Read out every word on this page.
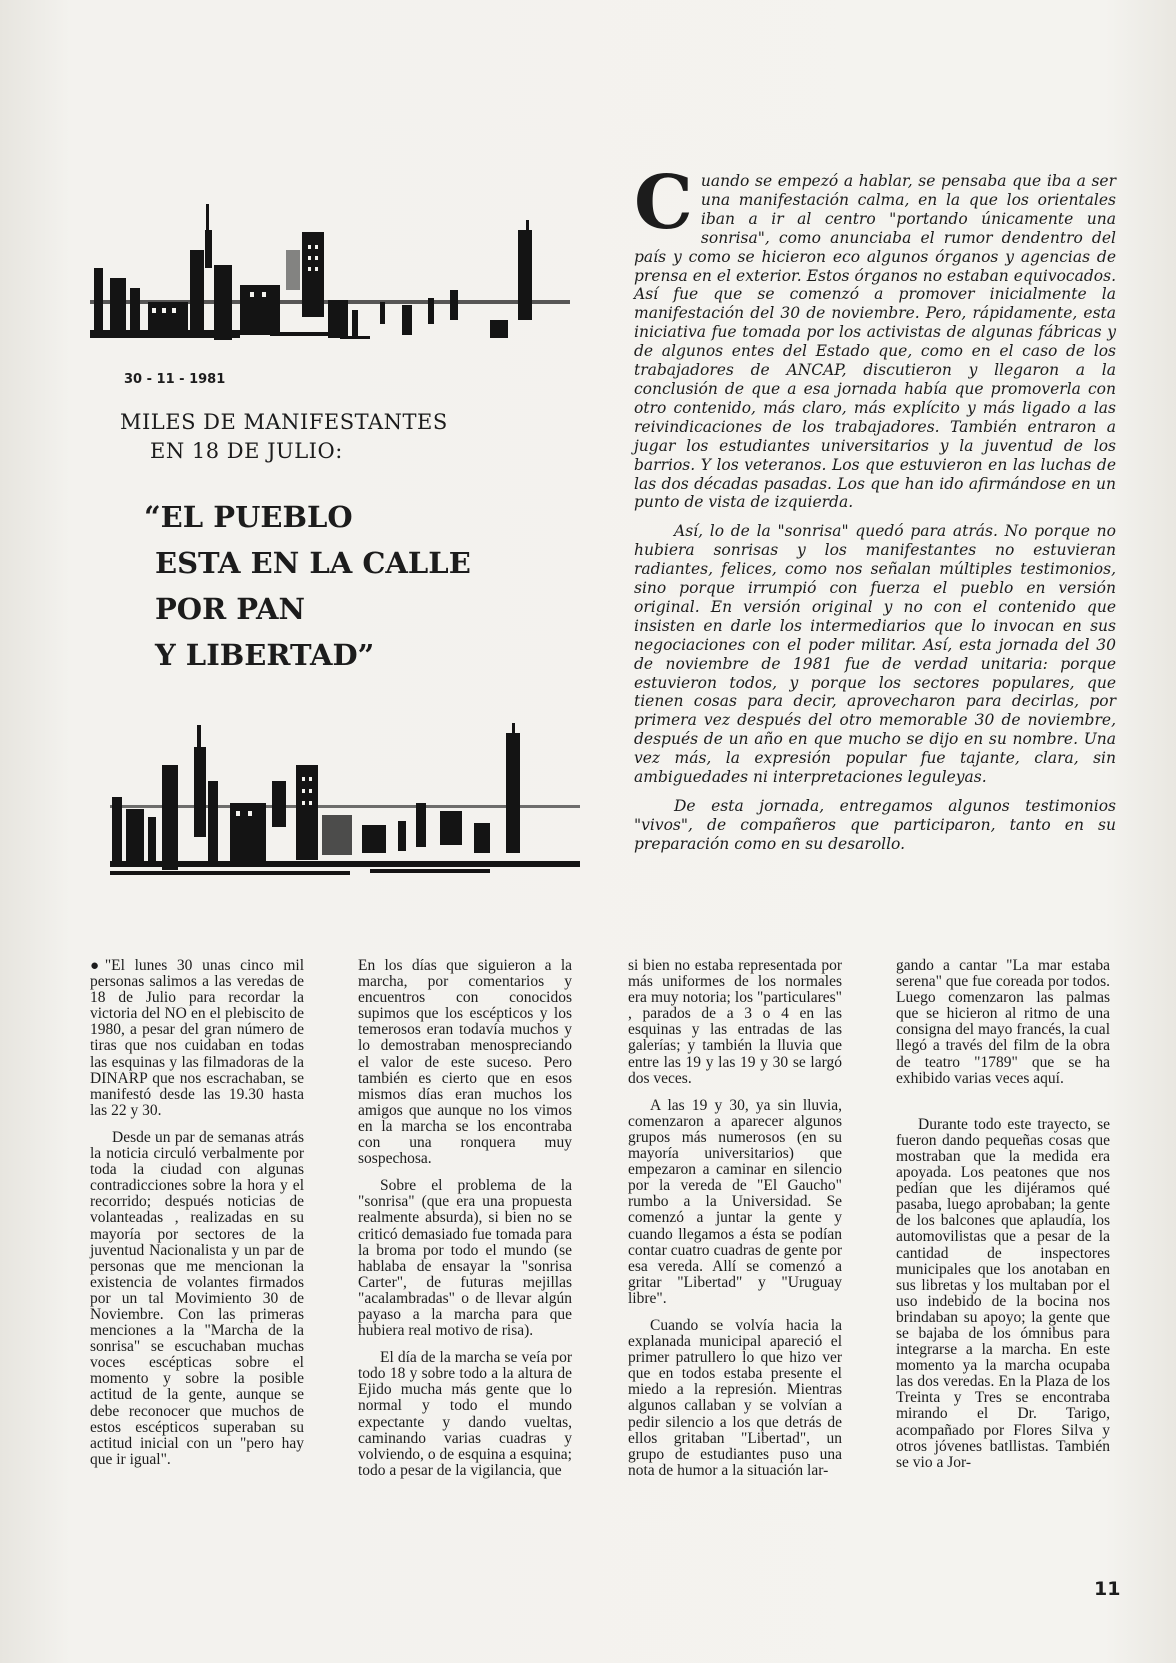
30 - 11 - 1981
MILES DE MANIFESTANTES
EN 18 DE JULIO:
“EL PUEBLO
ESTA EN LA CALLE
POR PAN
Y LIBERTAD”

Cuando se empezó a hablar, se pensaba que iba a ser una manifestación calma, en la que los orientales iban a ir al centro "portando únicamente una sonrisa", como anunciaba el rumor dendentro del país y como se hicieron eco algunos órganos y agencias de prensa en el exterior. Estos órganos no estaban equivocados. Así fue que se comenzó a promover inicialmente la manifestación del 30 de noviembre. Pero, rápidamente, esta iniciativa fue tomada por los activistas de algunas fábricas y de algunos entes del Estado que, como en el caso de los trabajadores de ANCAP, discutieron y llegaron a la conclusión de que a esa jornada había que promoverla con otro contenido, más claro, más explícito y más ligado a las reivindicaciones de los trabajadores. También entraron a jugar los estudiantes universitarios y la juventud de los barrios. Y los veteranos. Los que estuvieron en las luchas de las dos décadas pasadas. Los que han ido afirmándose en un punto de vista de izquierda.

Así, lo de la "sonrisa" quedó para atrás. No porque no hubiera sonrisas y los manifestantes no estuvieran radiantes, felices, como nos señalan múltiples testimonios, sino porque irrumpió con fuerza el pueblo en versión original. En versión original y no con el contenido que insisten en darle los intermediarios que lo invocan en sus negociaciones con el poder militar. Así, esta jornada del 30 de noviembre de 1981 fue de verdad unitaria: porque estuvieron todos, y porque los sectores populares, que tienen cosas para decir, aprovecharon para decirlas, por primera vez después del otro memorable 30 de noviembre, después de un año en que mucho se dijo en su nombre. Una vez más, la expresión popular fue tajante, clara, sin ambiguedades ni interpretaciones leguleyas.

De esta jornada, entregamos algunos testimonios "vivos", de compañeros que participaron, tanto en su preparación como en su desarollo.

●"El lunes 30 unas cinco mil personas salimos a las veredas de 18 de Julio para recordar la victoria del NO en el plebiscito de 1980, a pesar del gran número de tiras que nos cuidaban en todas las esquinas y las filmadoras de la DINARP que nos escrachaban, se manifestó desde las 19.30 hasta las 22 y 30.

Desde un par de semanas atrás la noticia circuló verbalmente por toda la ciudad con algunas contradicciones sobre la hora y el recorrido; después noticias de volanteadas , realizadas en su mayoría por sectores de la juventud Nacionalista y un par de personas que me mencionan la existencia de volantes firmados por un tal Movimiento 30 de Noviembre. Con las primeras menciones a la "Marcha de la sonrisa" se escuchaban muchas voces escépticas sobre el momento y sobre la posible actitud de la gente, aunque se debe reconocer que muchos de estos escépticos superaban su actitud inicial con un "pero hay que ir igual".

En los días que siguieron a la marcha, por comentarios y encuentros con conocidos supimos que los escépticos y los temerosos eran todavía muchos y lo demostraban menospreciando el valor de este suceso. Pero también es cierto que en esos mismos días eran muchos los amigos que aunque no los vimos en la marcha se los encontraba con una ronquera muy sospechosa.

Sobre el problema de la "sonrisa" (que era una propuesta realmente absurda), si bien no se criticó demasiado fue tomada para la broma por todo el mundo (se hablaba de ensayar la "sonrisa Carter", de futuras mejillas "acalambradas" o de llevar algún payaso a la marcha para que hubiera real motivo de risa).

El día de la marcha se veía por todo 18 y sobre todo a la altura de Ejido mucha más gente que lo normal y todo el mundo expectante y dando vueltas, caminando varias cuadras y volviendo, o de esquina a esquina; todo a pesar de la vigilancia, que

si bien no estaba representada por más uniformes de los normales era muy notoria; los "particulares" , parados de a 3 o 4 en las esquinas y las entradas de las galerías; y también la lluvia que entre las 19 y las 19 y 30 se largó dos veces.

A las 19 y 30, ya sin lluvia, comenzaron a aparecer algunos grupos más numerosos (en su mayoría universitarios) que empezaron a caminar en silencio por la vereda de "El Gaucho" rumbo a la Universidad. Se comenzó a juntar la gente y cuando llegamos a ésta se podían contar cuatro cuadras de gente por esa vereda. Allí se comenzó a gritar "Libertad" y "Uruguay libre".

Cuando se volvía hacia la explanada municipal apareció el primer patrullero lo que hizo ver que en todos estaba presente el miedo a la represión. Mientras algunos callaban y se volvían a pedir silencio a los que detrás de ellos gritaban "Libertad", un grupo de estudiantes puso una nota de humor a la situación lar-

gando a cantar "La mar estaba serena" que fue coreada por todos. Luego comenzaron las palmas que se hicieron al ritmo de una consigna del mayo francés, la cual llegó a través del film de la obra de teatro "1789" que se ha exhibido varias veces aquí.

Durante todo este trayecto, se fueron dando pequeñas cosas que mostraban que la medida era apoyada. Los peatones que nos pedían que les dijéramos qué pasaba, luego aprobaban; la gente de los balcones que aplaudía, los automovilistas que a pesar de la cantidad de inspectores municipales que los anotaban en sus libretas y los multaban por el uso indebido de la bocina nos brindaban su apoyo; la gente que se bajaba de los ómnibus para integrarse a la marcha. En este momento ya la marcha ocupaba las dos veredas. En la Plaza de los Treinta y Tres se encontraba mirando el Dr. Tarigo, acompañado por Flores Silva y otros jóvenes batllistas. También se vio a Jor-

11
